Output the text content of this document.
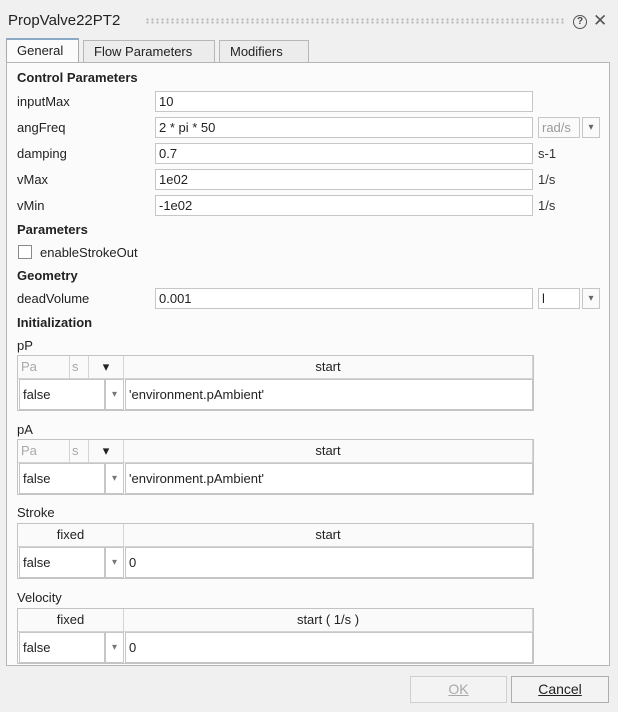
PropValve22PT2	? ✕
General	Flow Parameters	Modifiers
Control Parameters
inputMax	10
angFreq	2 * pi * 50	rad/s	▾
damping	0.7	s-1
vMax	1e02	1/s
vMin	-1e02	1/s
Parameters
enableStrokeOut
Geometry
deadVolume	0.001	l	▾
Initialization
pP
Pa	s	▾	start
false	▾ 'environment.pAmbient'
pA
Pa	s	▾	start
false	▾ 'environment.pAmbient'
Stroke
fixed	start
false	▾ 0
Velocity
fixed	start ( 1/s )
false	▾ 0
OK	Cancel
